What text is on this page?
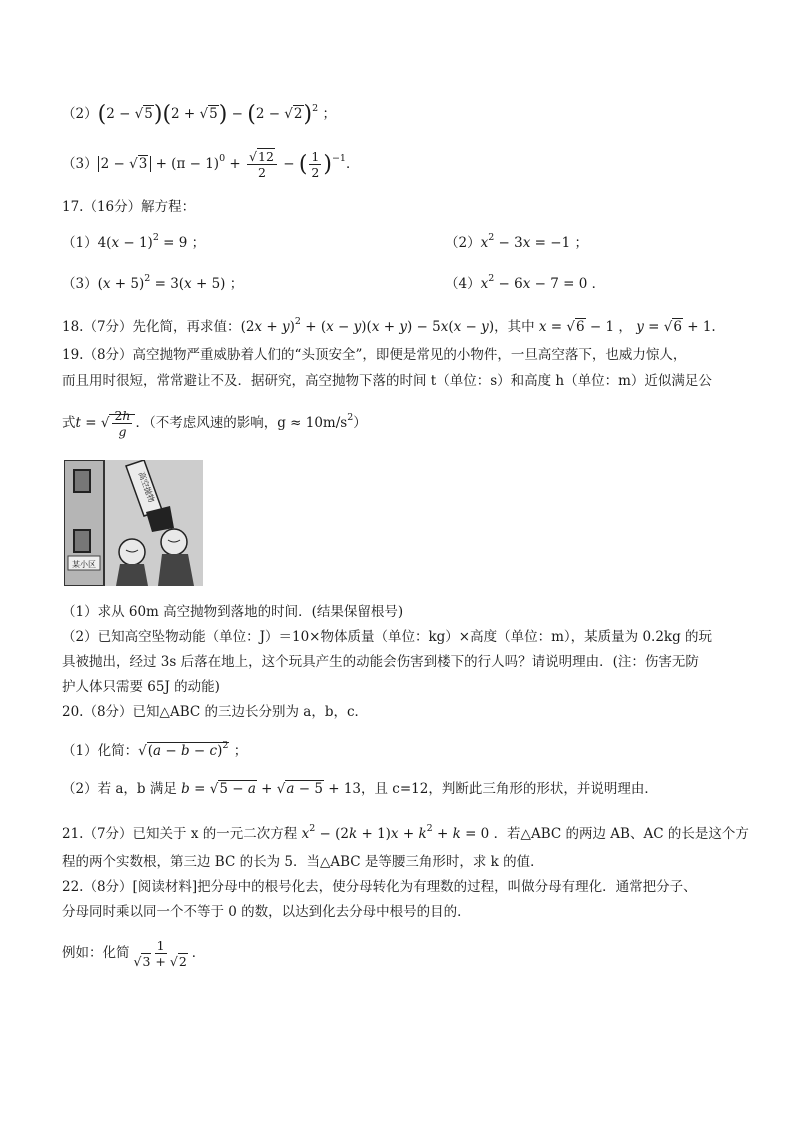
$(2)(2 - √5)(2 + √5) - (2 - √2)^2$ ；
（3） $2 - √3 + (\pi - 1)^0 + \frac{√12}{2}$ − ( $\frac{1}{2} )^{-1}$．
17.（16分）解方程：
$(1)4(x - 1)^2 = 9$ ；	$(2)x^2 - 3x = -1$ ；
$(3)(x + 5)^2 = 3(x + 5)$ ；	$(4)x^2 - 6x - 7 = 0$ ．
18.（7分）先化简，再求值：$(2x + y)^2 + (x - y)(x + y) - 5x(x - y)$，其中 x = √6 − 1 ， y = √6 + 1.
19.（8分）高空抛物严重威胁着人们的“头顶安全”，即便是常见的小物件，一旦高空落下，也威力惊人，
而且用时很短，常常避让不及．据研究，高空抛物下落的时间 t（单位：s）和高度 h（单位：m）近似满足公
式t = √ $\frac{2h}{g}$ ．（不考虑风速的影响，$g \approx 10m/s^2$）
某小区
高空抛物
（1）求从 60m 高空抛物到落地的时间．(结果保留根号)
（2）已知高空坠物动能（单位：J）＝10×物体质量（单位：kg）×高度（单位：m），某质量为 0.2kg 的玩
具被抛出，经过 3s 后落在地上，这个玩具产生的动能会伤害到楼下的行人吗？请说明理由．(注：伤害无防
护人体只需要 65J 的动能)
20.（8分）已知△ABC 的三边长分别为 a，b，c．
（1）化简：$√(a - b - c)^2$ ；
（2）若 a，b 满足 b = √5 − a + √a − 5 + 13，且 c=12，判断此三角形的形状，并说明理由．
21.（7分）已知关于 x 的一元二次方程 $x^2 - (2k + 1)x + k^2 + k = 0$ ．若△ABC 的两边 AB、AC 的长是这个方
程的两个实数根，第三边 BC 的长为 5．当△ABC 是等腰三角形时，求 k 的值．
22.（8分）[阅读材料]把分母中的根号化去，使分母转化为有理数的过程，叫做分母有理化．通常把分子、
分母同时乘以同一个不等于 0 的数，以达到化去分母中根号的目的．
例如：化简 $\frac{1}{√3 + √2}$ ．
